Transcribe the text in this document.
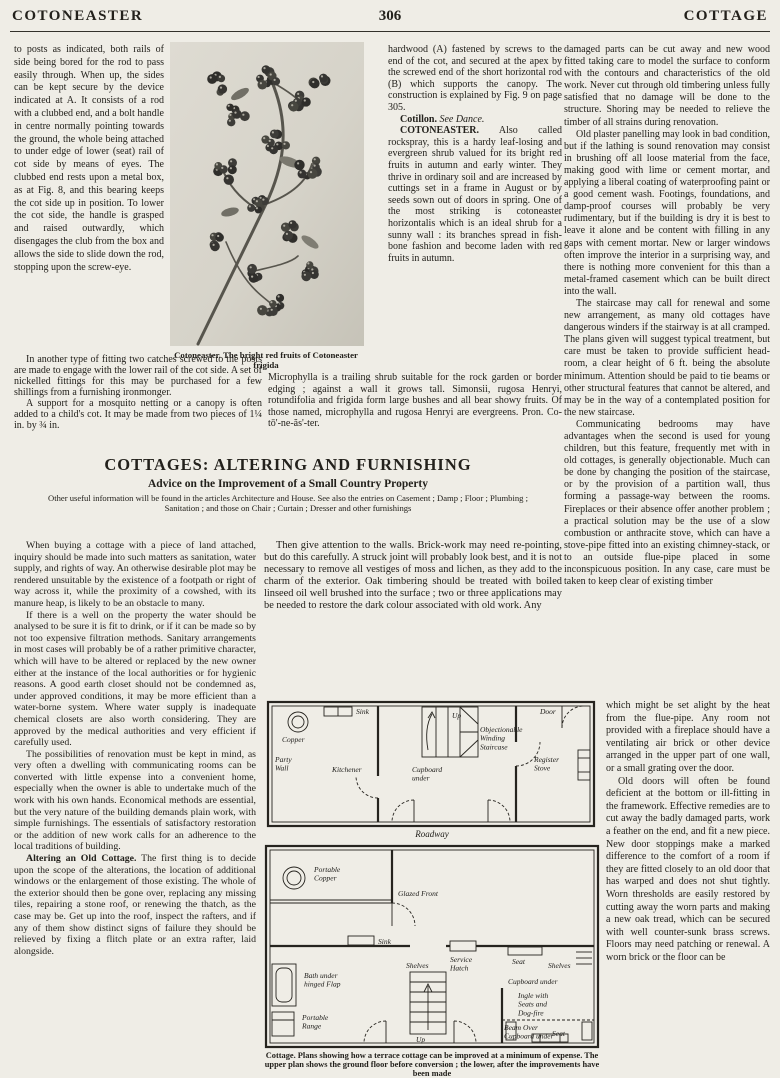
COTONEASTER	306	COTTAGE

to posts as indicated, both rails of side being bored for the rod to pass easily through. When up, the sides can be kept secure by the device indicated at A. It consists of a rod with a clubbed end, and a bolt handle in centre normally pointing towards the ground, the whole being attached to under edge of lower (seat) rail of cot side by means of eyes. The clubbed end rests upon a metal box, as at Fig. 8, and this bearing keeps the cot side up in position. To lower the cot side, the handle is grasped and raised outwardly, which disengages the club from the box and allows the side to slide down the rod, stopping upon the screw-eye.

In another type of fitting two catches screwed to the posts are made to engage with the lower rail of the cot side. A set of nickelled fittings for this may be purchased for a few shillings from a furnishing ironmonger.

A support for a mosquito netting or a canopy is often added to a child's cot. It may be made from two pieces of 1¼ in. by ¾ in.

Cotoneaster. The bright red fruits of Cotoneaster frigida

hardwood (A) fastened by screws to the end of the cot, and secured at the apex by the screwed end of the short horizontal rod (B) which supports the canopy. The construction is explained by Fig. 9 on page 305.

Cotillon. See Dance.

COTONEASTER. Also called rockspray, this is a hardy leaf-losing and evergreen shrub valued for its bright red fruits in autumn and early winter. They thrive in ordinary soil and are increased by cuttings set in a frame in August or by seeds sown out of doors in spring. One of the most striking is cotoneaster horizontalis which is an ideal shrub for a sunny wall : its branches spread in fish-bone fashion and become laden with red fruits in autumn.

Microphylla is a trailing shrub suitable for the rock garden or border edging ; against a wall it grows tall. Simonsii, rugosa Henryi, rotundifolia and frigida form large bushes and all bear showy fruits. Of those named, microphylla and rugosa Henryi are evergreens. Pron. Co-tō'-ne-ăs'-ter.

damaged parts can be cut away and new wood fitted taking care to model the surface to conform with the contours and characteristics of the old work. Never cut through old timbering unless fully satisfied that no damage will be done to the structure. Shoring may be needed to relieve the timber of all strains during renovation.

Old plaster panelling may look in bad condition, but if the lathing is sound renovation may consist in brushing off all loose material from the face, making good with lime or cement mortar, and applying a liberal coating of waterproofing paint or a good cement wash. Footings, foundations, and damp-proof courses will probably be very rudimentary, but if the building is dry it is best to leave it alone and be content with filling in any gaps with cement mortar. New or larger windows often improve the interior in a surprising way, and there is nothing more convenient for this than a metal-framed casement which can be built direct into the wall.

The staircase may call for renewal and some new arrangement, as many old cottages have dangerous winders if the stairway is at all cramped. The plans given will suggest typical treatment, but care must be taken to provide sufficient head-room, a clear height of 6 ft. being the absolute minimum. Attention should be paid to tie beams or other structural features that cannot be altered, and may be in the way of a contemplated position for the new staircase.

Communicating bedrooms may have advantages when the second is used for young children, but this feature, frequently met with in old cottages, is generally objectionable. Much can be done by changing the position of the staircase, or by the provision of a partition wall, thus forming a passage-way between the rooms. Fireplaces or their absence offer another problem ; a practical solution may be the use of a slow combustion or anthracite stove, which can have a stove-pipe fitted into an existing chimney-stack, or to an outside flue-pipe placed in some inconspicuous position. In any case, care must be taken to keep clear of existing timber

which might be set alight by the heat from the flue-pipe. Any room not provided with a fireplace should have a ventilating air brick or other device arranged in the upper part of one wall, or a small grating over the door.

Old doors will often be found deficient at the bottom or ill-fitting in the framework. Effective remedies are to cut away the badly damaged parts, work a feather on the end, and fit a new piece. New door stoppings make a marked difference to the comfort of a room if they are fitted closely to an old door that has warped and does not shut tightly. Worn thresholds are easily restored by cutting away the worn parts and making a new oak tread, which can be secured with well counter-sunk brass screws. Floors may need patching or renewal. A worn brick or the floor can be

COTTAGES: ALTERING AND FURNISHING
Advice on the Improvement of a Small Country Property
Other useful information will be found in the articles Architecture and House. See also the entries on Casement ; Damp ; Floor ; Plumbing ; Sanitation ; and those on Chair ; Curtain ; Dresser and other furnishings

When buying a cottage with a piece of land attached, inquiry should be made into such matters as sanitation, water supply, and rights of way. An otherwise desirable plot may be rendered unsuitable by the existence of a footpath or right of way across it, while the proximity of a cowshed, with its manure heap, is likely to be an obstacle to many.

If there is a well on the property the water should be analysed to be sure it is fit to drink, or if it can be made so by not too expensive filtration methods. Sanitary arrangements in most cases will probably be of a rather primitive character, which will have to be altered or replaced by the new owner either at the instance of the local authorities or for hygienic reasons. A good earth closet should not be condemned as, under approved conditions, it may be more efficient than a water-borne system. Where water supply is inadequate chemical closets are also worth considering. They are approved by the medical authorities and very efficient if carefully used.

The possibilities of renovation must be kept in mind, as very often a dwelling with communicating rooms can be converted with little expense into a convenient home, especially when the owner is able to undertake much of the work with his own hands. Economical methods are essential, but the very nature of the building demands plain work, with simple furnishings. The essentials of satisfactory restoration or the addition of new work calls for an adherence to the local traditions of building.

Altering an Old Cottage. The first thing is to decide upon the scope of the alterations, the location of additional windows or the enlargement of those existing. The whole of the exterior should then be gone over, replacing any missing tiles, repairing a stone roof, or renewing the thatch, as the case may be. Get up into the roof, inspect the rafters, and if any of them show distinct signs of failure they should be relieved by fixing a flitch plate or an extra rafter, laid alongside.

Then give attention to the walls. Brick-work may need re-pointing, but do this carefully. A struck joint will probably look best, and it is not necessary to remove all vestiges of moss and lichen, as they add to the charm of the exterior. Oak timbering should be treated with boiled linseed oil well brushed into the surface ; two or three applications may be needed to restore the dark colour associated with old work. Any

Sink
Copper
Up	Door
Objectionable Winding Staircase
Party Wall	Kitchener	Cupboard under
Register Stove
Roadway
Portable Copper
Glazed Front
Sink
Shelves
Service Hatch
Seat	Shelves
Bath under hinged Flap	Cupboard under
Ingle with Seats and Dog-fire
Portable Range	Beam Over Cupboard under
Seat
Up
Cottage. Plans showing how a terrace cottage can be improved at a minimum of expense. The upper plan shows the ground floor before conversion ; the lower, after the improvements have been made
